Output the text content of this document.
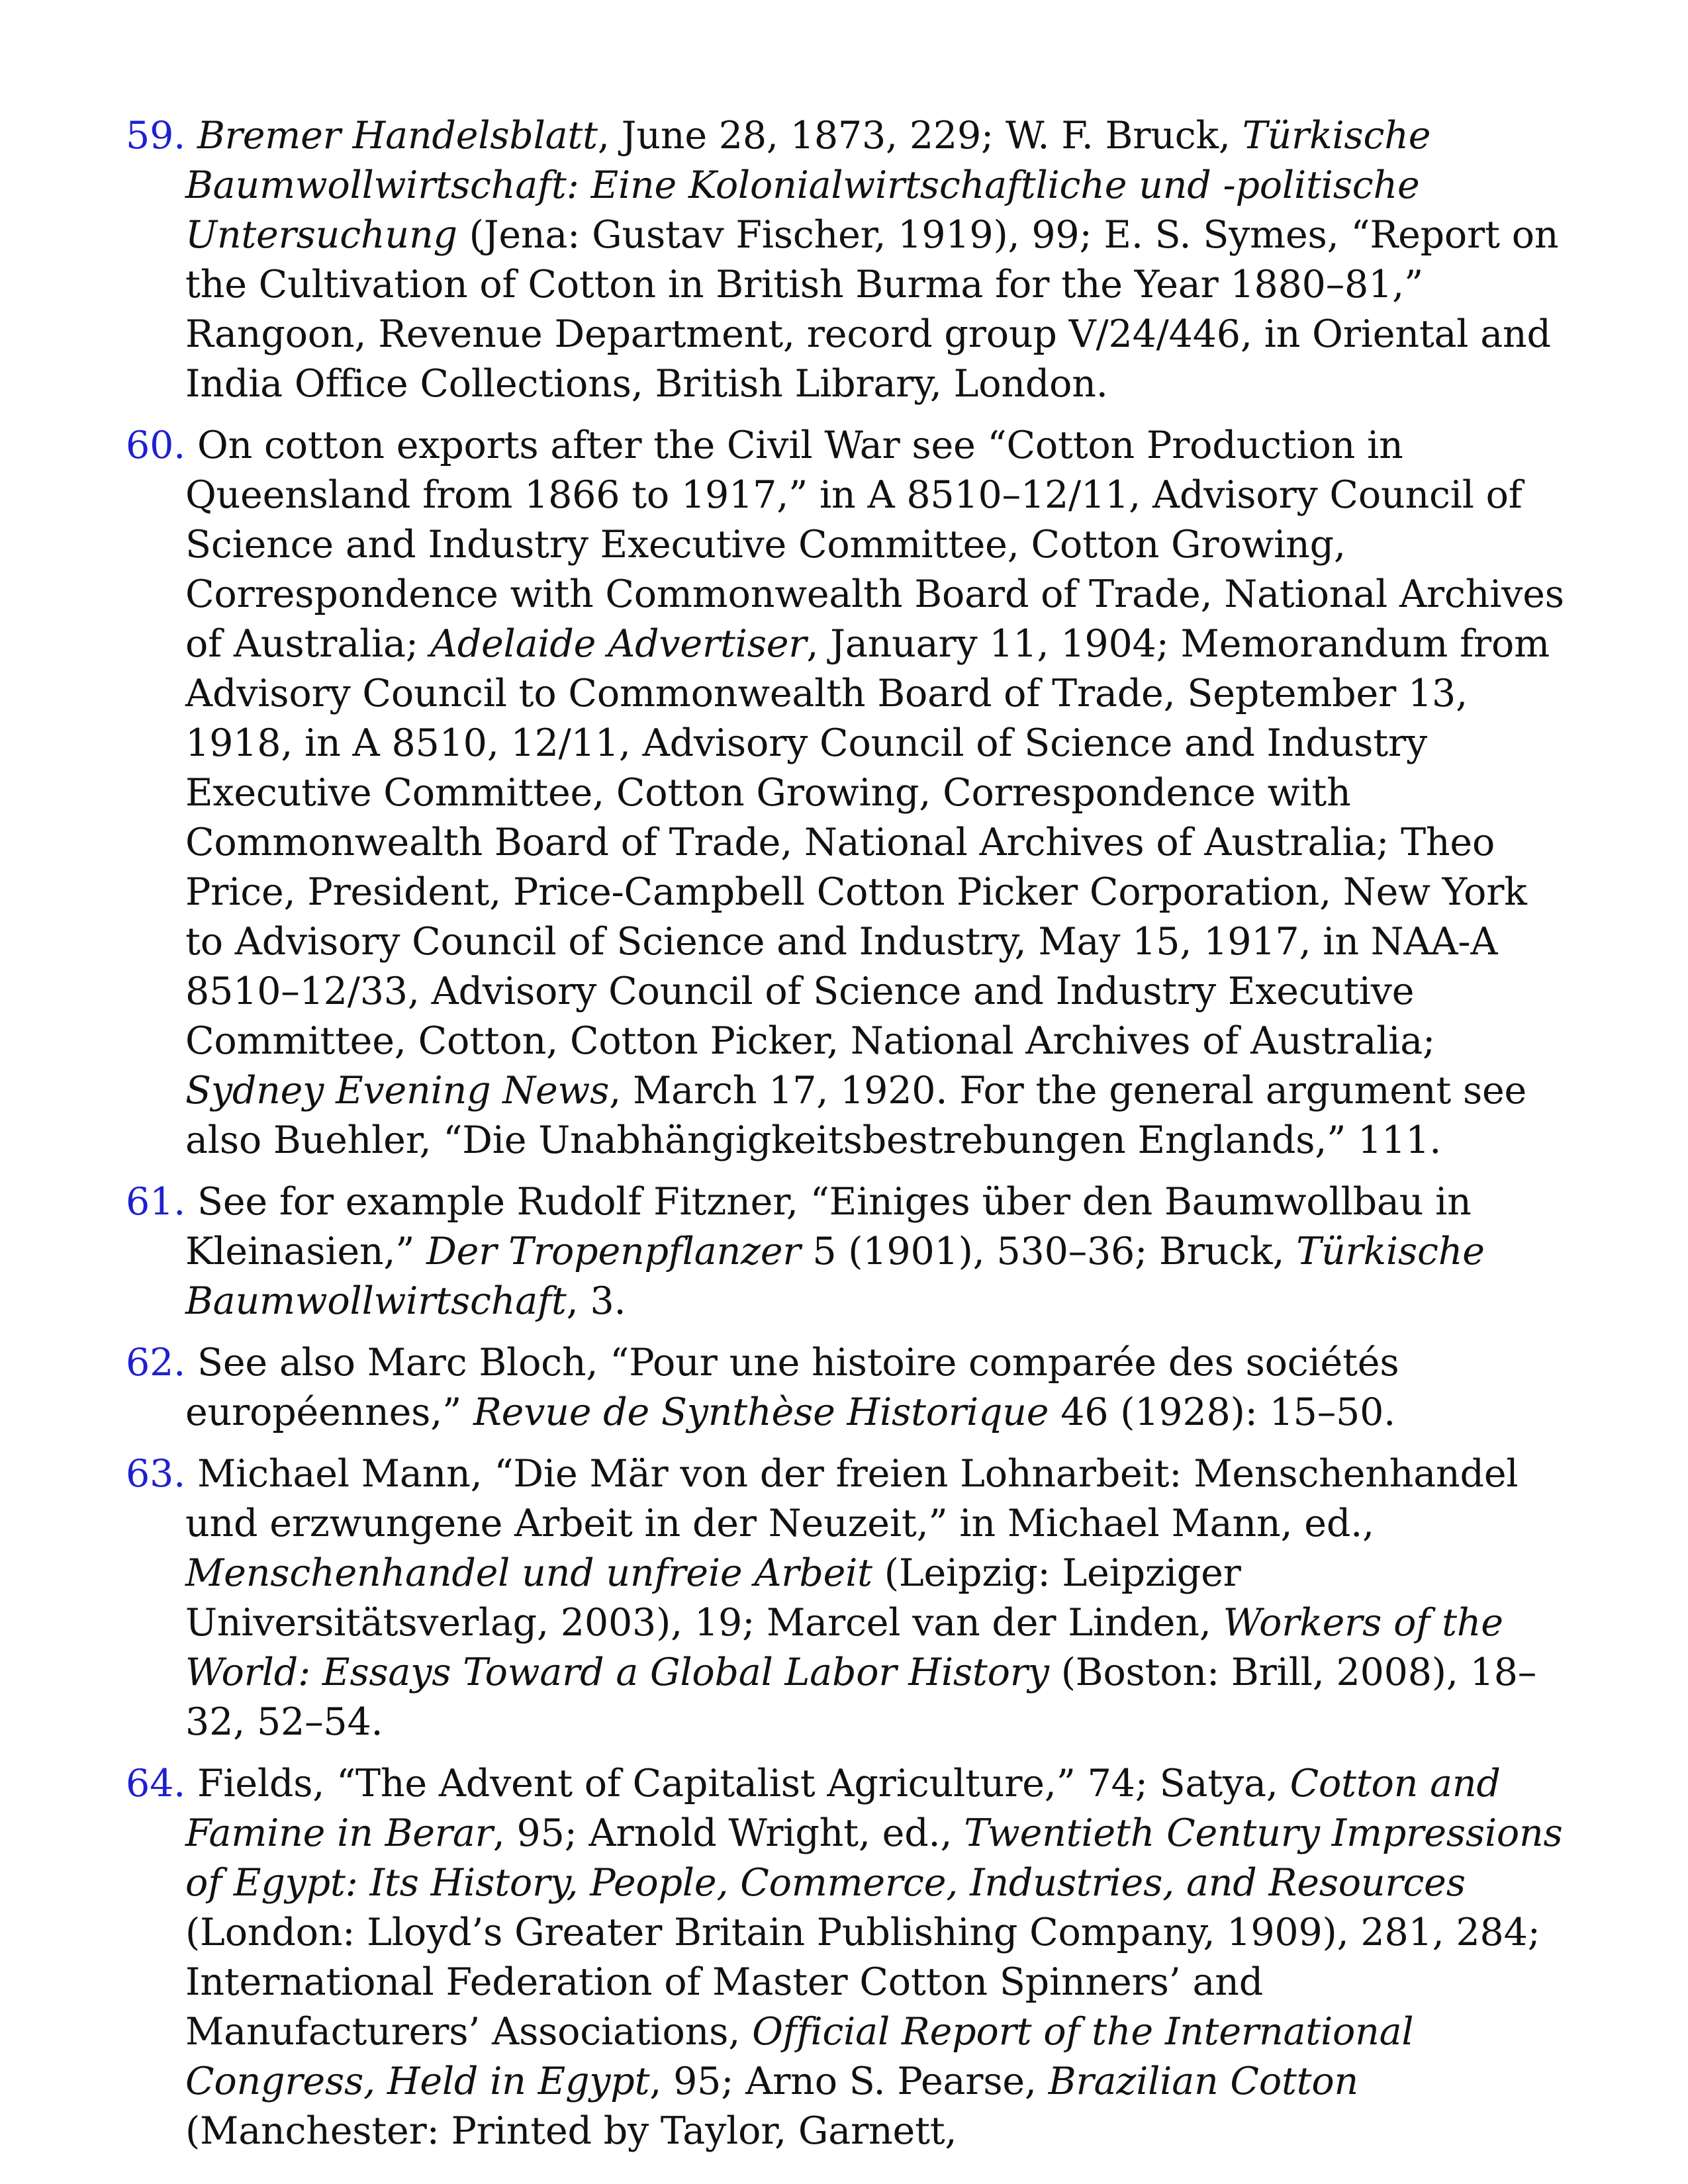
59. Bremer Handelsblatt, June 28, 1873, 229; W. F. Bruck, Türkische Baumwollwirtschaft: Eine Kolonialwirtschaftliche und -politische Untersuchung (Jena: Gustav Fischer, 1919), 99; E. S. Symes, “Report on the Cultivation of Cotton in British Burma for the Year 1880–81,” Rangoon, Revenue Department, record group V/24/446, in Oriental and India Office Collections, British Library, London.
60. On cotton exports after the Civil War see “Cotton Production in Queensland from 1866 to 1917,” in A 8510–12/11, Advisory Council of Science and Industry Executive Committee, Cotton Growing, Correspondence with Commonwealth Board of Trade, National Archives of Australia; Adelaide Advertiser, January 11, 1904; Memorandum from Advisory Council to Commonwealth Board of Trade, September 13, 1918, in A 8510, 12/11, Advisory Council of Science and Industry Executive Committee, Cotton Growing, Correspondence with Commonwealth Board of Trade, National Archives of Australia; Theo Price, President, Price-Campbell Cotton Picker Corporation, New York to Advisory Council of Science and Industry, May 15, 1917, in NAA-A 8510–12/33, Advisory Council of Science and Industry Executive Committee, Cotton, Cotton Picker, National Archives of Australia; Sydney Evening News, March 17, 1920. For the general argument see also Buehler, “Die Unabhängigkeitsbestrebungen Englands,” 111.
61. See for example Rudolf Fitzner, “Einiges über den Baumwollbau in Kleinasien,” Der Tropenpflanzer 5 (1901), 530–36; Bruck, Türkische Baumwollwirtschaft, 3.
62. See also Marc Bloch, “Pour une histoire comparée des sociétés européennes,” Revue de Synthèse Historique 46 (1928): 15–50.
63. Michael Mann, “Die Mär von der freien Lohnarbeit: Menschenhandel und erzwungene Arbeit in der Neuzeit,” in Michael Mann, ed., Menschenhandel und unfreie Arbeit (Leipzig: Leipziger Universitätsverlag, 2003), 19; Marcel van der Linden, Workers of the World: Essays Toward a Global Labor History (Boston: Brill, 2008), 18–32, 52–54.
64. Fields, “The Advent of Capitalist Agriculture,” 74; Satya, Cotton and Famine in Berar, 95; Arnold Wright, ed., Twentieth Century Impressions of Egypt: Its History, People, Commerce, Industries, and Resources (London: Lloyd’s Greater Britain Publishing Company, 1909), 281, 284; International Federation of Master Cotton Spinners’ and Manufacturers’ Associations, Official Report of the International Congress, Held in Egypt, 95; Arno S. Pearse, Brazilian Cotton (Manchester: Printed by Taylor, Garnett,
